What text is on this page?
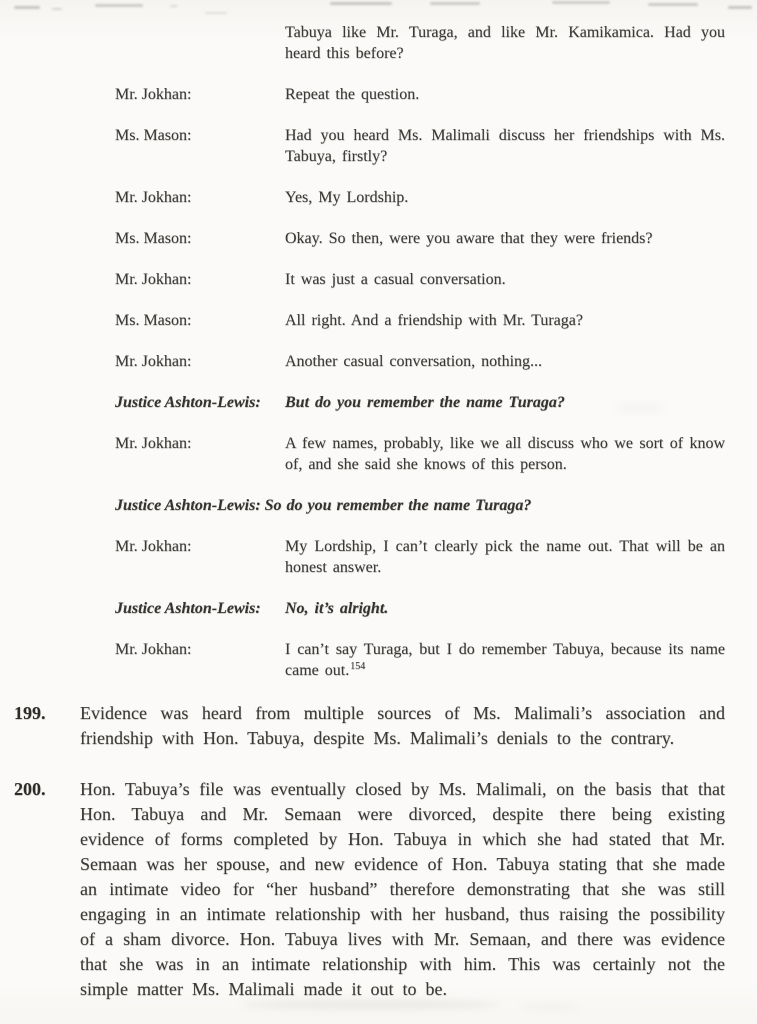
Tabuya like Mr. Turaga, and like Mr. Kamikamica. Had you heard this before?
Mr. Jokhan:	Repeat the question.
Ms. Mason:	Had you heard Ms. Malimali discuss her friendships with Ms. Tabuya, firstly?
Mr. Jokhan:	Yes, My Lordship.
Ms. Mason:	Okay. So then, were you aware that they were friends?
Mr. Jokhan:	It was just a casual conversation.
Ms. Mason:	All right. And a friendship with Mr. Turaga?
Mr. Jokhan:	Another casual conversation, nothing...
Justice Ashton-Lewis:	But do you remember the name Turaga?
Mr. Jokhan:	A few names, probably, like we all discuss who we sort of know of, and she said she knows of this person.
Justice Ashton-Lewis: So do you remember the name Turaga?
Mr. Jokhan:	My Lordship, I can’t clearly pick the name out. That will be an honest answer.
Justice Ashton-Lewis:	No, it’s alright.
Mr. Jokhan:	I can’t say Turaga, but I do remember Tabuya, because its name came out.$^{154}$
199.	Evidence was heard from multiple sources of Ms. Malimali’s association and friendship with Hon. Tabuya, despite Ms. Malimali’s denials to the contrary.

200.	Hon. Tabuya’s file was eventually closed by Ms. Malimali, on the basis that that Hon. Tabuya and Mr. Semaan were divorced, despite there being existing evidence of forms completed by Hon. Tabuya in which she had stated that Mr. Semaan was her spouse, and new evidence of Hon. Tabuya stating that she made an intimate video for “her husband” therefore demonstrating that she was still engaging in an intimate relationship with her husband, thus raising the possibility of a sham divorce. Hon. Tabuya lives with Mr. Semaan, and there was evidence that she was in an intimate relationship with him. This was certainly not the simple matter Ms. Malimali made it out to be.
